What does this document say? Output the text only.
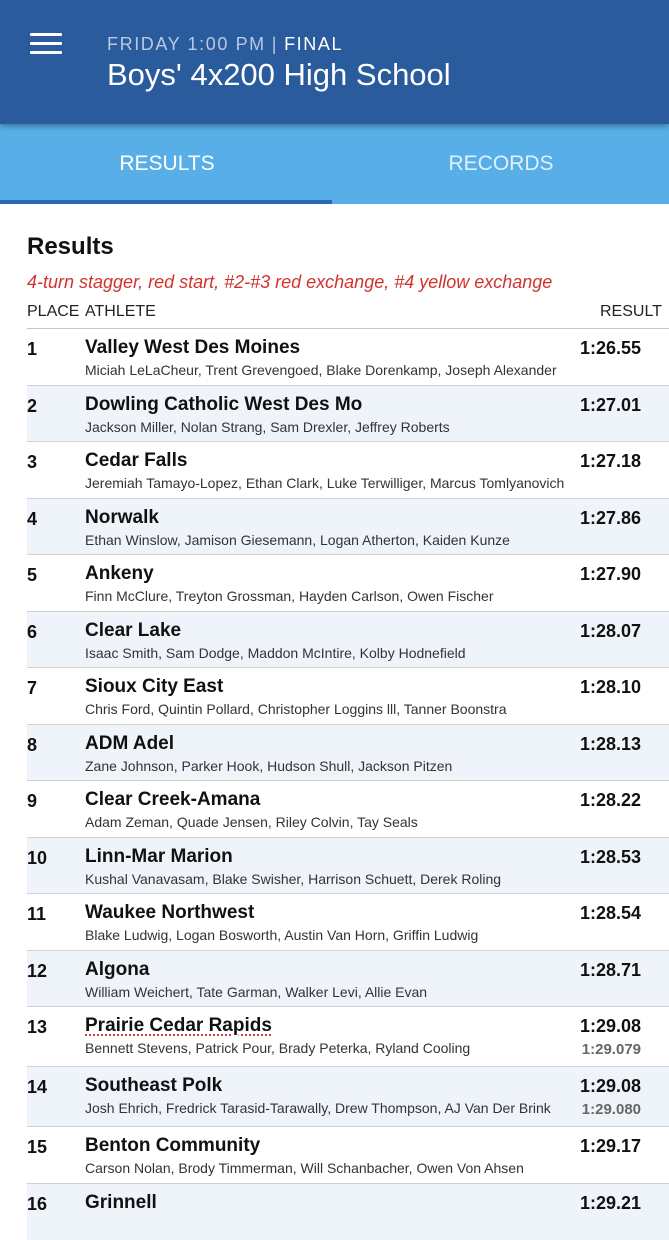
FRIDAY 1:00 PM | FINAL
Boys' 4x200 High School
RESULTS	RECORDS
Results
4-turn stagger, red start, #2-#3 red exchange, #4 yellow exchange
PLACE ATHLETE	RESULT
1	Valley West Des Moines
Miciah LeLaCheur, Trent Grevengoed, Blake Dorenkamp, Joseph Alexander
1:26.55
2	Dowling Catholic West Des Mo
Jackson Miller, Nolan Strang, Sam Drexler, Jeffrey Roberts
1:27.01
3	Cedar Falls
Jeremiah Tamayo-Lopez, Ethan Clark, Luke Terwilliger, Marcus Tomlyanovich
1:27.18
4	Norwalk
Ethan Winslow, Jamison Giesemann, Logan Atherton, Kaiden Kunze
1:27.86
5	Ankeny
Finn McClure, Treyton Grossman, Hayden Carlson, Owen Fischer
1:27.90
6	Clear Lake
Isaac Smith, Sam Dodge, Maddon McIntire, Kolby Hodnefield
1:28.07
7	Sioux City East
Chris Ford, Quintin Pollard, Christopher Loggins lll, Tanner Boonstra
1:28.10
8	ADM Adel
Zane Johnson, Parker Hook, Hudson Shull, Jackson Pitzen
1:28.13
9	Clear Creek-Amana
Adam Zeman, Quade Jensen, Riley Colvin, Tay Seals
1:28.22
10 Linn-Mar Marion
Kushal Vanavasam, Blake Swisher, Harrison Schuett, Derek Roling
1:28.53
11 Waukee Northwest
Blake Ludwig, Logan Bosworth, Austin Van Horn, Griffin Ludwig
1:28.54
12 Algona
William Weichert, Tate Garman, Walker Levi, Allie Evan
1:28.71
13 Prairie Cedar Rapids
Bennett Stevens, Patrick Pour, Brady Peterka, Ryland Cooling
1:29.08
1:29.079
14 Southeast Polk
Josh Ehrich, Fredrick Tarasid-Tarawally, Drew Thompson, AJ Van Der Brink
1:29.08
1:29.080
15 Benton Community
Carson Nolan, Brody Timmerman, Will Schanbacher, Owen Von Ahsen
1:29.17
16 Grinnell	1:29.21
